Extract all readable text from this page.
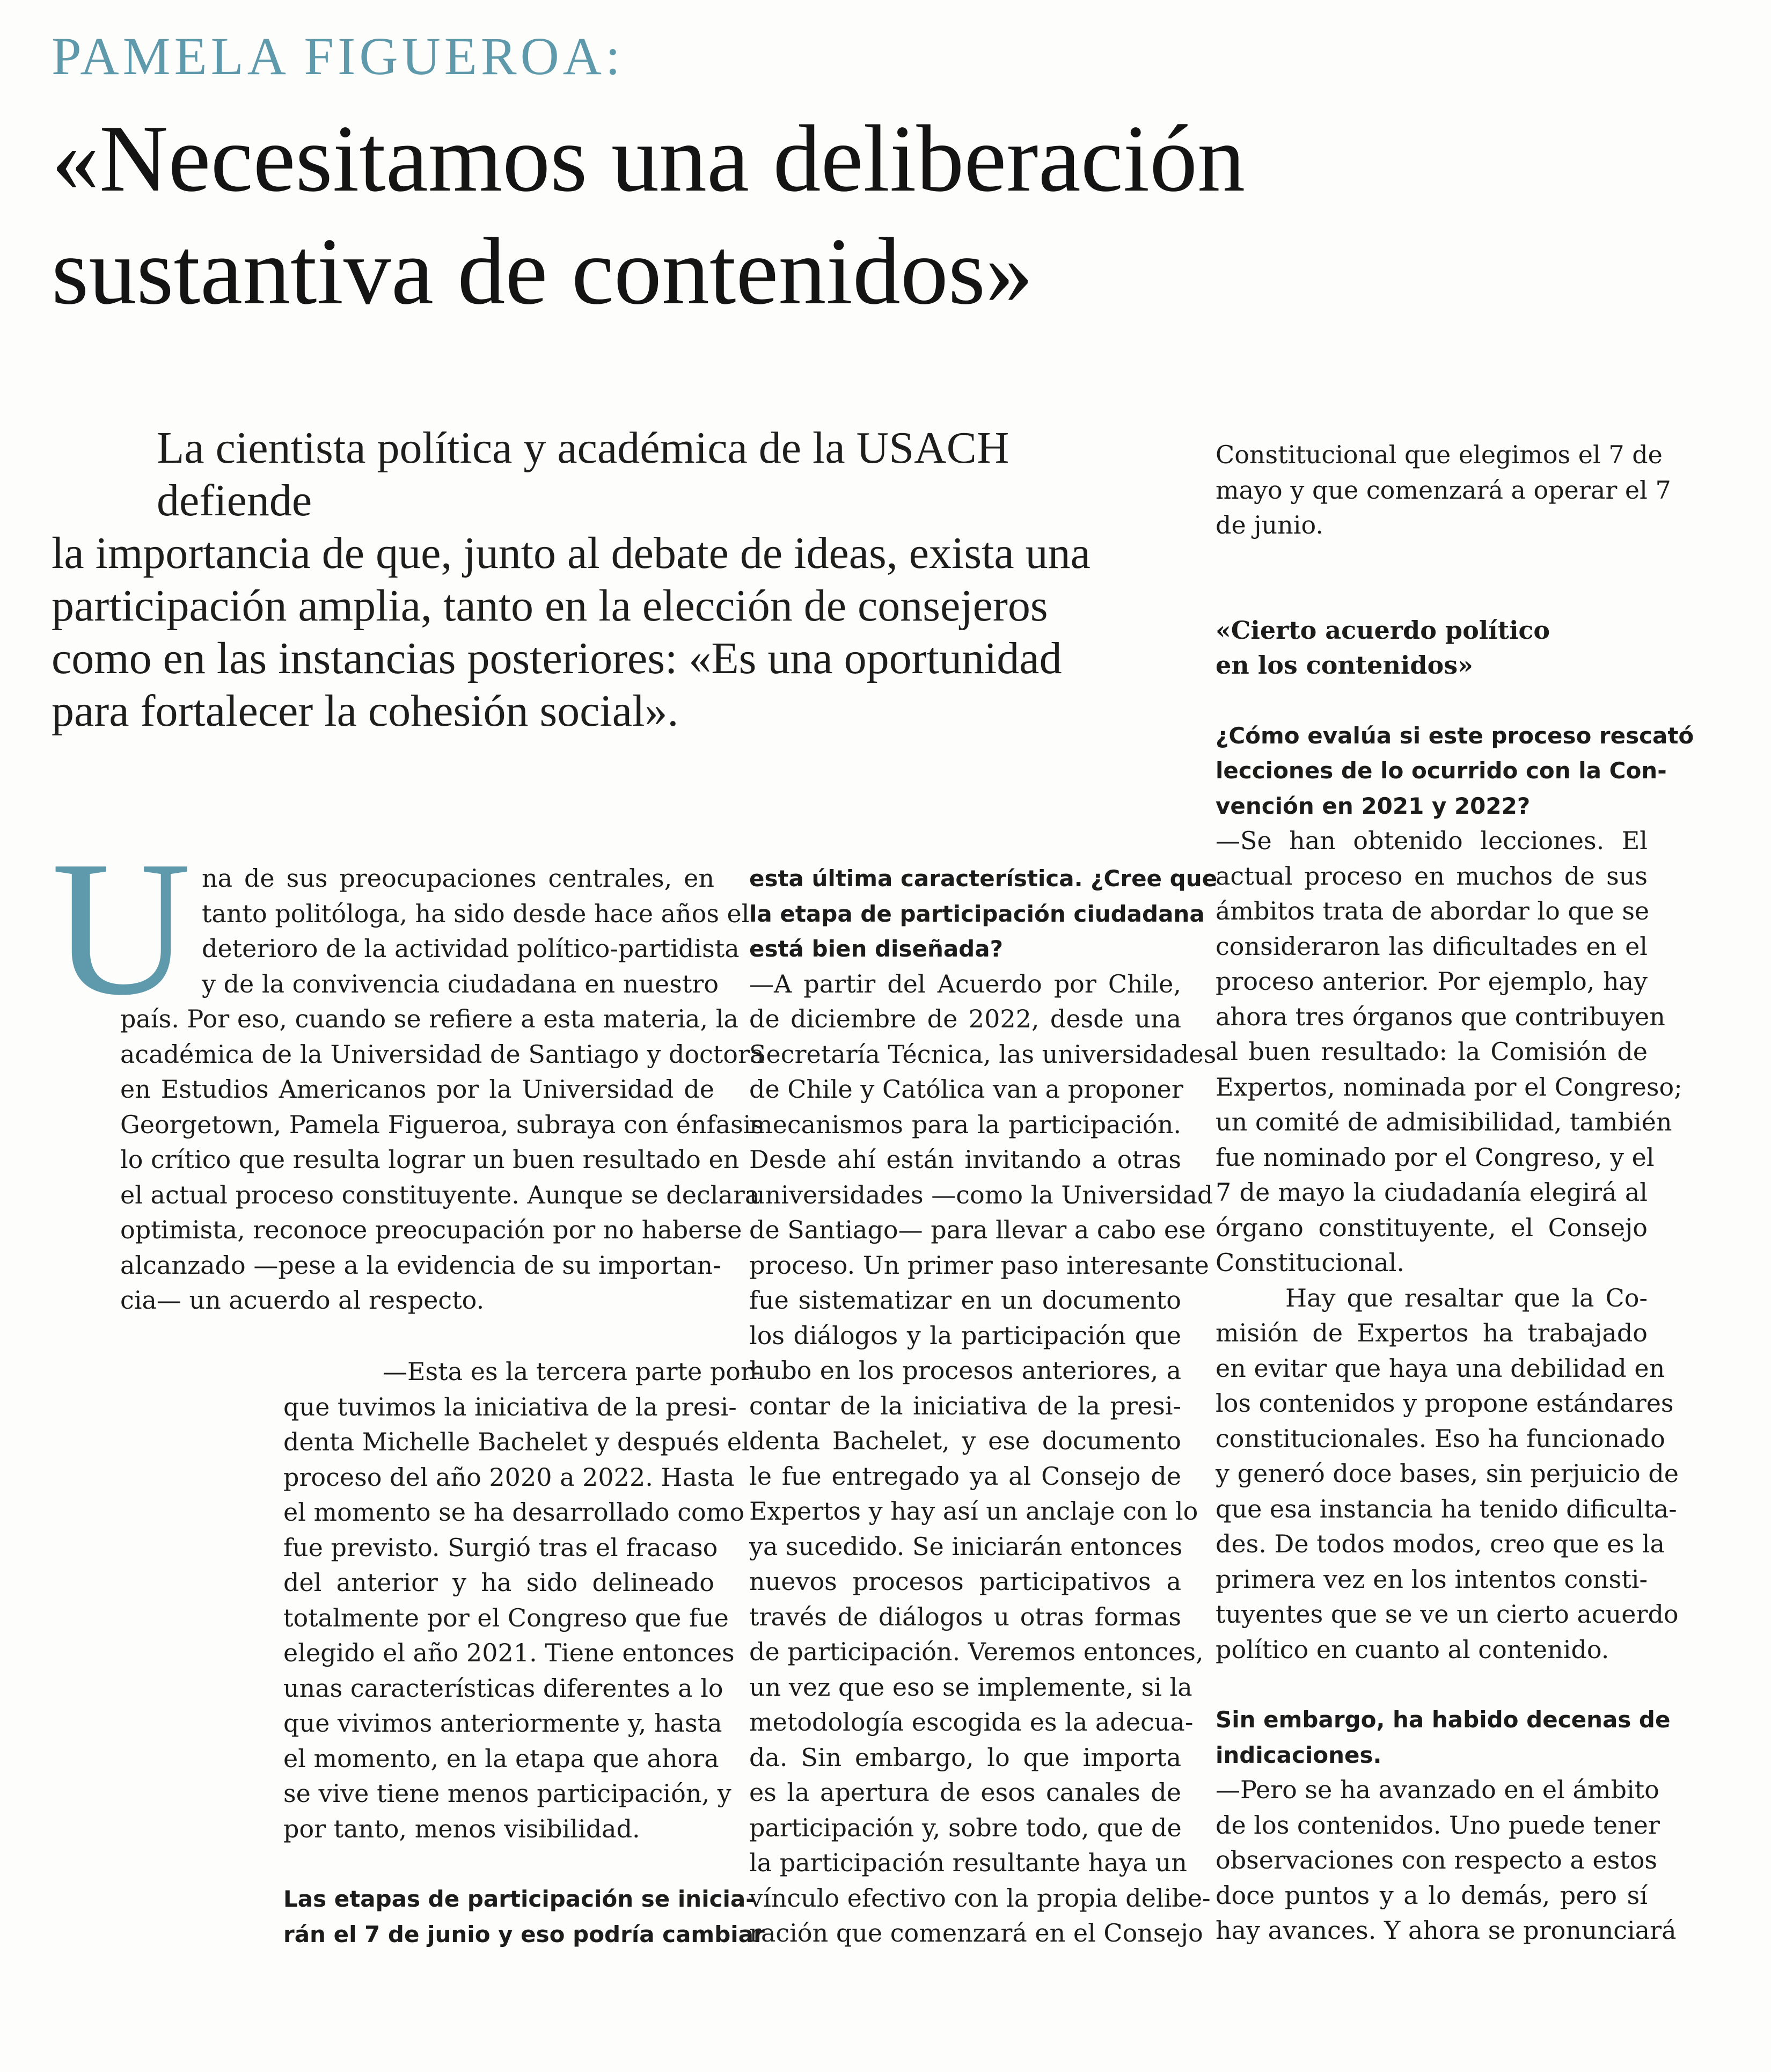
PAMELA FIGUEROA:
«Necesitamos una deliberación
sustantiva de contenidos»
La cientista política y académica de la USACH defiende
la importancia de que, junto al debate de ideas, exista una
participación amplia, tanto en la elección de consejeros
como en las instancias posteriores: «Es una oportunidad
para fortalecer la cohesión social».
U na de sus preocupaciones centrales, en
tanto politóloga, ha sido desde hace años el
deterioro de la actividad político-partidista
y de la convivencia ciudadana en nuestro
país. Por eso, cuando se refiere a esta materia, la
académica de la Universidad de Santiago y doctora
en Estudios Americanos por la Universidad de
Georgetown, Pamela Figueroa, subraya con énfasis
lo crítico que resulta lograr un buen resultado en
el actual proceso constituyente. Aunque se declara
optimista, reconoce preocupación por no haberse
alcanzado —pese a la evidencia de su importan-
cia— un acuerdo al respecto.
—Esta es la tercera parte por-
que tuvimos la iniciativa de la presi-
denta Michelle Bachelet y después el
proceso del año 2020 a 2022. Hasta
el momento se ha desarrollado como
fue previsto. Surgió tras el fracaso
del anterior y ha sido delineado
totalmente por el Congreso que fue
elegido el año 2021. Tiene entonces
unas características diferentes a lo
que vivimos anteriormente y, hasta
el momento, en la etapa que ahora
se vive tiene menos participación, y
por tanto, menos visibilidad.
Las etapas de participación se inicia-
rán el 7 de junio y eso podría cambiar
esta última característica. ¿Cree que
la etapa de participación ciudadana
está bien diseñada?
—A partir del Acuerdo por Chile,
de diciembre de 2022, desde una
Secretaría Técnica, las universidades
de Chile y Católica van a proponer
mecanismos para la participación.
Desde ahí están invitando a otras
universidades —como la Universidad
de Santiago— para llevar a cabo ese
proceso. Un primer paso interesante
fue sistematizar en un documento
los diálogos y la participación que
hubo en los procesos anteriores, a
contar de la iniciativa de la presi-
denta Bachelet, y ese documento
le fue entregado ya al Consejo de
Expertos y hay así un anclaje con lo
ya sucedido. Se iniciarán entonces
nuevos procesos participativos a
través de diálogos u otras formas
de participación. Veremos entonces,
un vez que eso se implemente, si la
metodología escogida es la adecua-
da. Sin embargo, lo que importa
es la apertura de esos canales de
participación y, sobre todo, que de
la participación resultante haya un
vínculo efectivo con la propia delibe-
ración que comenzará en el Consejo
Constitucional que elegimos el 7 de
mayo y que comenzará a operar el 7
de junio.
«Cierto acuerdo político
en los contenidos»
¿Cómo evalúa si este proceso rescató
lecciones de lo ocurrido con la Con-
vención en 2021 y 2022?
—Se han obtenido lecciones. El
actual proceso en muchos de sus
ámbitos trata de abordar lo que se
consideraron las dificultades en el
proceso anterior. Por ejemplo, hay
ahora tres órganos que contribuyen
al buen resultado: la Comisión de
Expertos, nominada por el Congreso;
un comité de admisibilidad, también
fue nominado por el Congreso, y el
7 de mayo la ciudadanía elegirá al
órgano constituyente, el Consejo
Constitucional.
Hay que resaltar que la Co-
misión de Expertos ha trabajado
en evitar que haya una debilidad en
los contenidos y propone estándares
constitucionales. Eso ha funcionado
y generó doce bases, sin perjuicio de
que esa instancia ha tenido dificulta-
des. De todos modos, creo que es la
primera vez en los intentos consti-
tuyentes que se ve un cierto acuerdo
político en cuanto al contenido.
Sin embargo, ha habido decenas de
indicaciones.
—Pero se ha avanzado en el ámbito
de los contenidos. Uno puede tener
observaciones con respecto a estos
doce puntos y a lo demás, pero sí
hay avances. Y ahora se pronunciará
